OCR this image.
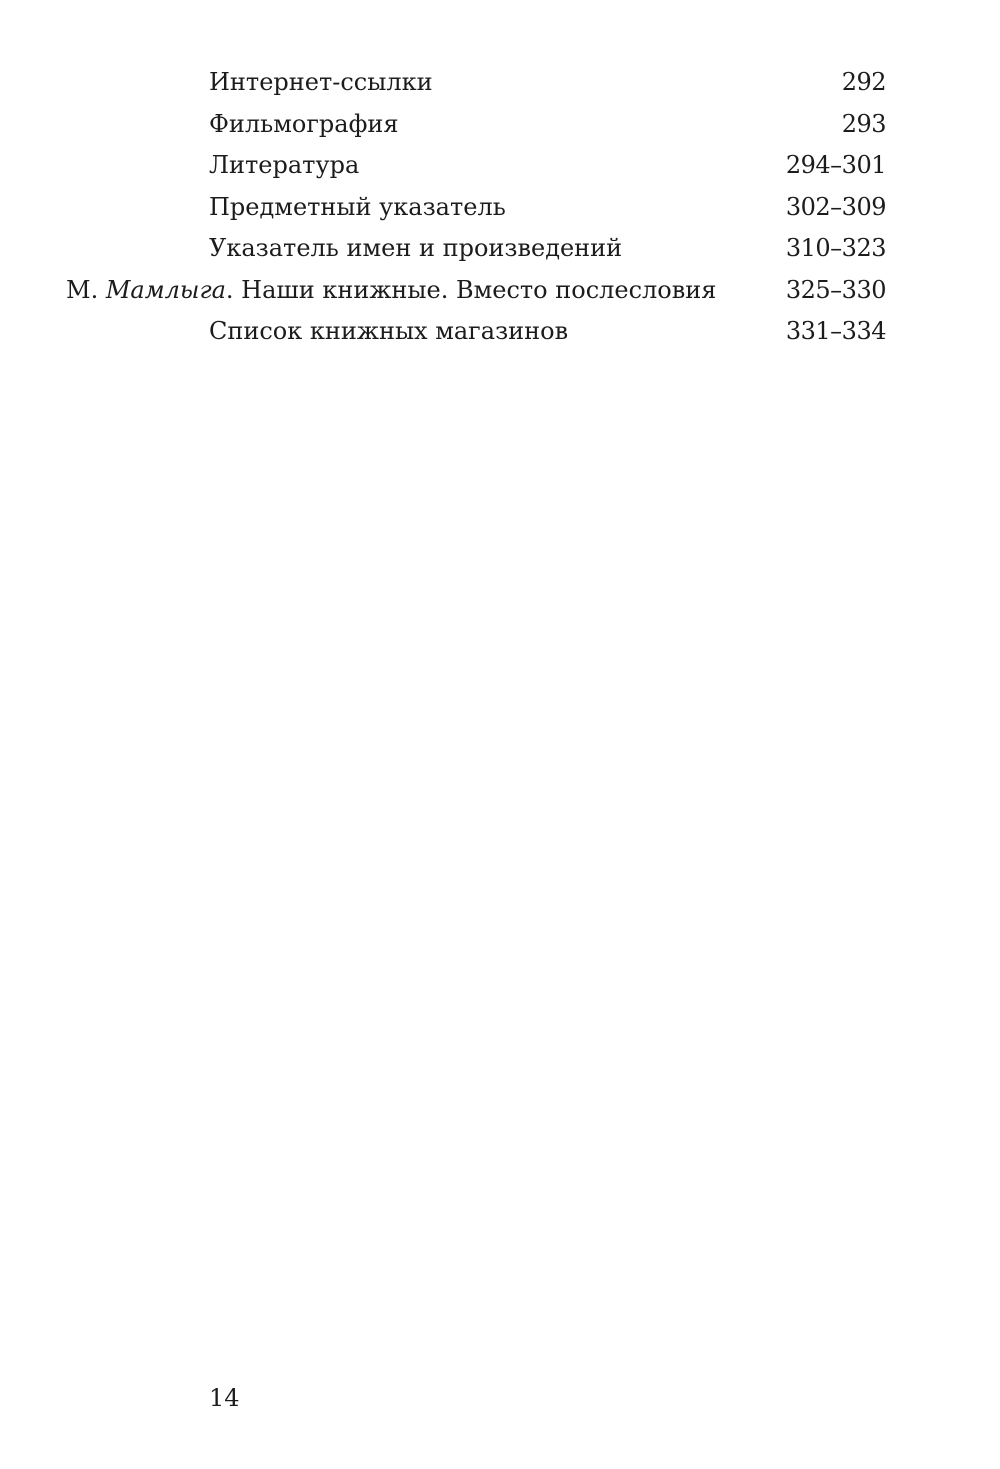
Интернет-ссылки	292
Фильмография	293
Литература	294–301
Предметный указатель	302–309
Указатель имен и произведений	310–323
М. Мамлыга. Наши книжные. Вместо послесловия	325–330
Список книжных магазинов	331–334
14
